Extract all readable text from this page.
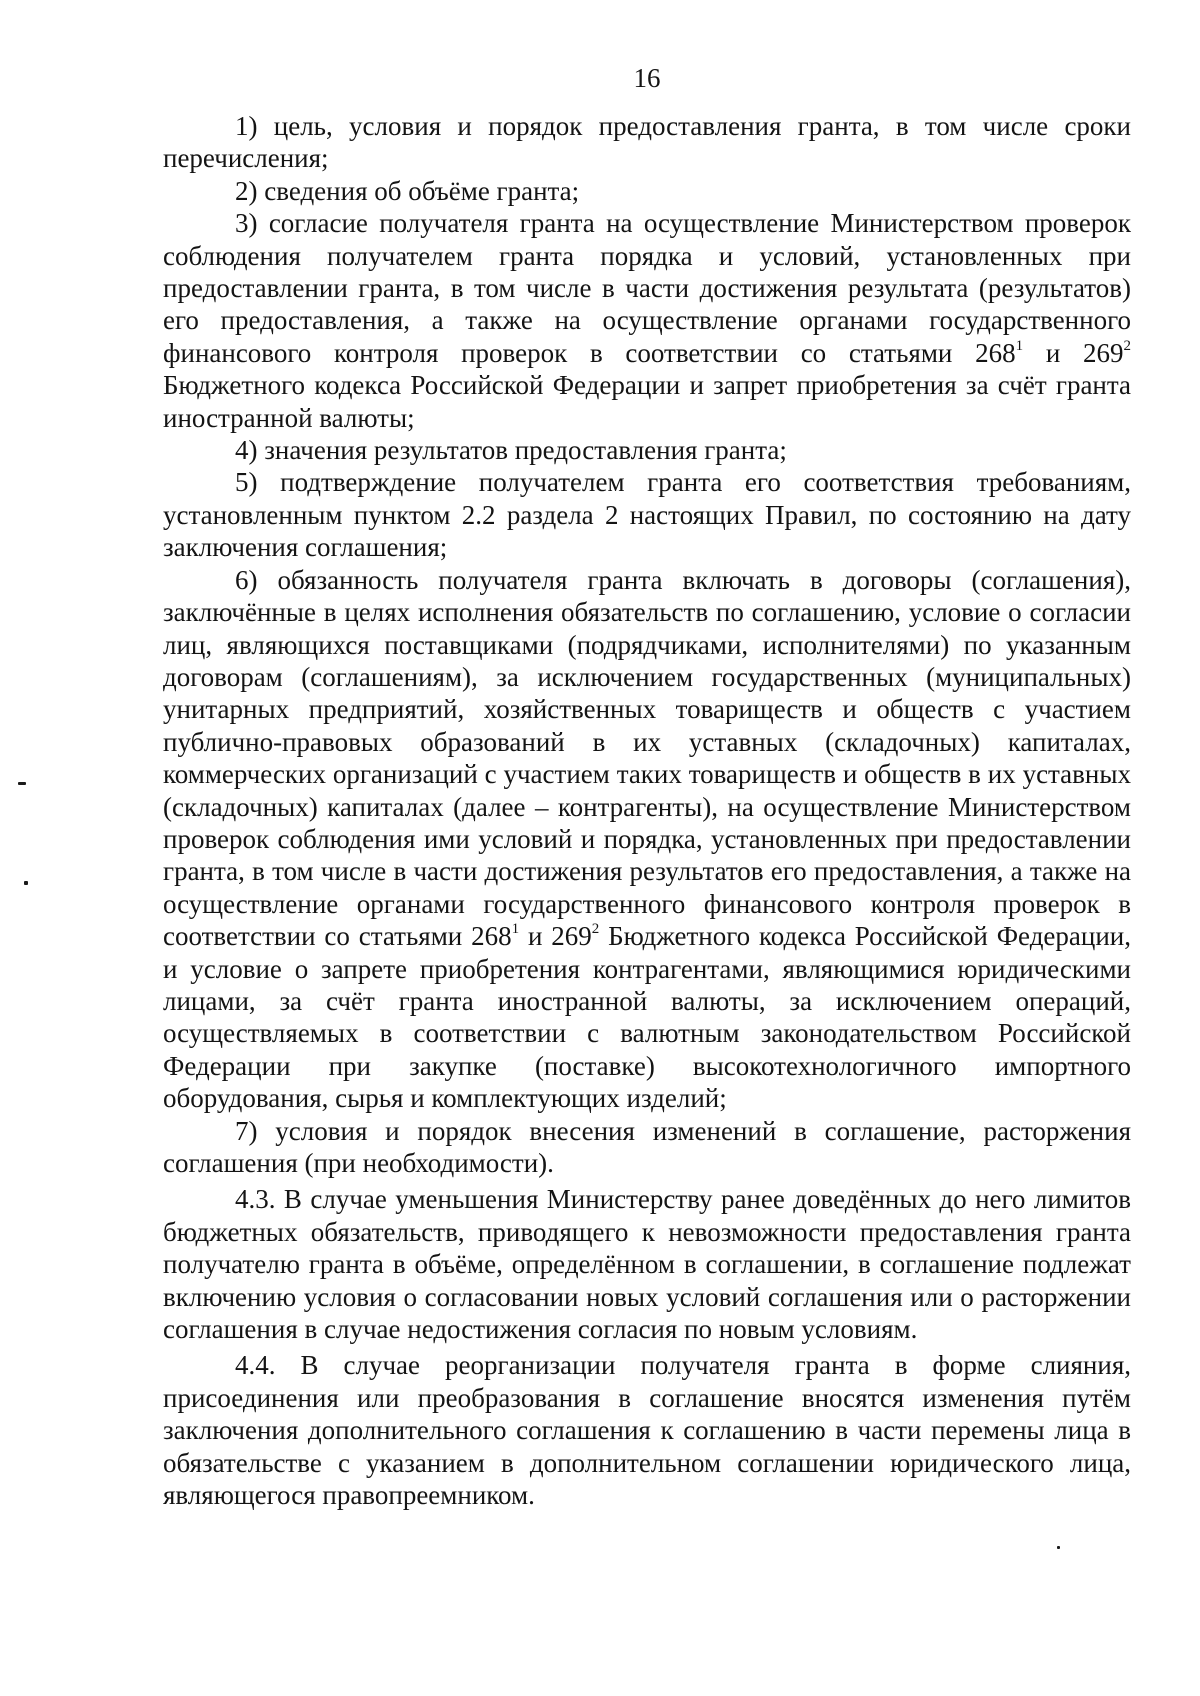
16

1) цель, условия и порядок предоставления гранта, в том числе сроки перечисления;

2) сведения об объёме гранта;

3) согласие получателя гранта на осуществление Министерством проверок соблюдения получателем гранта порядка и условий, установленных при предоставлении гранта, в том числе в части достижения результата (результатов) его предоставления, а также на осуществление органами государственного финансового контроля проверок в соответствии со статьями $268^1$ и $269^2$ Бюджетного кодекса Российской Федерации и запрет приобретения за счёт гранта иностранной валюты;

4) значения результатов предоставления гранта;

5) подтверждение получателем гранта его соответствия требованиям, установленным пунктом 2.2 раздела 2 настоящих Правил, по состоянию на дату заключения соглашения;

6) обязанность получателя гранта включать в договоры (соглашения), заключённые в целях исполнения обязательств по соглашению, условие о согласии лиц, являющихся поставщиками (подрядчиками, исполнителями) по указанным договорам (соглашениям), за исключением государственных (муниципальных) унитарных предприятий, хозяйственных товариществ и обществ с участием публично-правовых образований в их уставных (складочных) капиталах, коммерческих организаций с участием таких товариществ и обществ в их уставных (складочных) капиталах (далее – контрагенты), на осуществление Министерством проверок соблюдения ими условий и порядка, установленных при предоставлении гранта, в том числе в части достижения результатов его предоставления, а также на осуществление органами государственного финансового контроля проверок в соответствии со статьями $268^1$ и $269^2$ Бюджетного кодекса Российской Федерации, и условие о запрете приобретения контрагентами, являющимися юридическими лицами, за счёт гранта иностранной валюты, за исключением операций, осуществляемых в соответствии с валютным законодательством Российской Федерации при закупке (поставке) высокотехнологичного импортного оборудования, сырья и комплектующих изделий;

7) условия и порядок внесения изменений в соглашение, расторжения соглашения (при необходимости).

4.3. В случае уменьшения Министерству ранее доведённых до него лимитов бюджетных обязательств, приводящего к невозможности предоставления гранта получателю гранта в объёме, определённом в соглашении, в соглашение подлежат включению условия о согласовании новых условий соглашения или о расторжении соглашения в случае недостижения согласия по новым условиям.

4.4. В случае реорганизации получателя гранта в форме слияния, присоединения или преобразования в соглашение вносятся изменения путём заключения дополнительного соглашения к соглашению в части перемены лица в обязательстве с указанием в дополнительном соглашении юридического лица, являющегося правопреемником.
